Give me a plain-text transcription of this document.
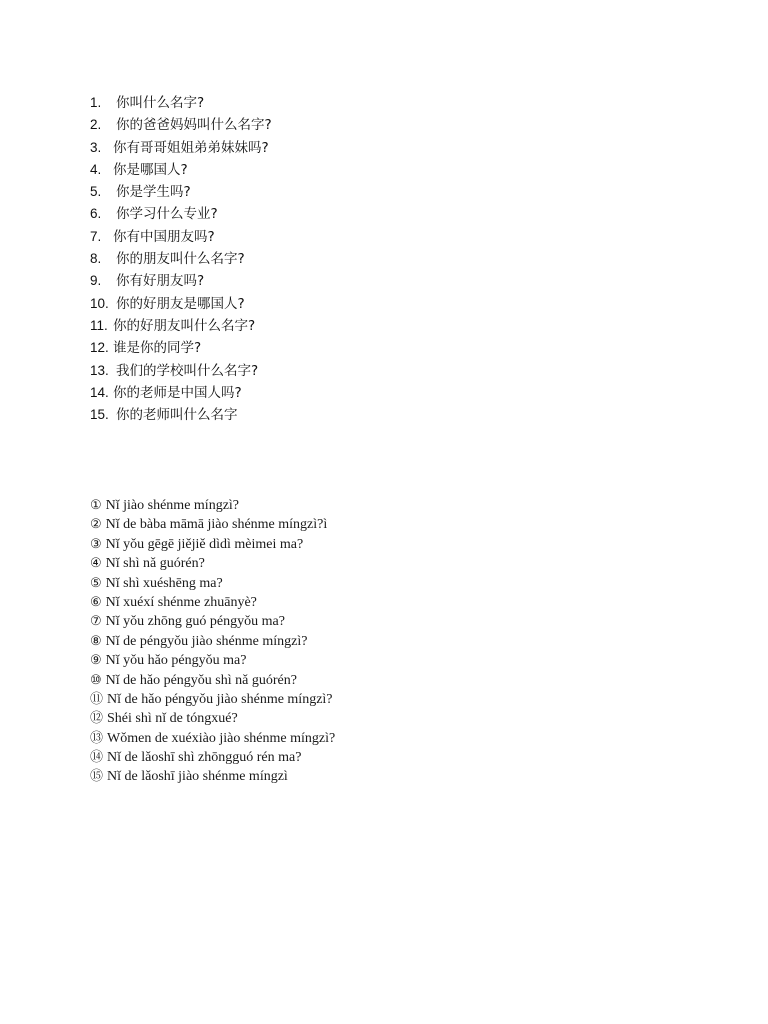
1. 你叫什么名字?
2. 你的爸爸妈妈叫什么名字?
3. 你有哥哥姐姐弟弟妹妹吗?
4. 你是哪国人?
5. 你是学生吗?
6. 你学习什么专业?
7. 你有中国朋友吗?
8. 你的朋友叫什么名字?
9. 你有好朋友吗?
10. 你的好朋友是哪国人?
11. 你的好朋友叫什么名字?
12. 谁是你的同学?
13. 我们的学校叫什么名字?
14. 你的老师是中国人吗?
15. 你的老师叫什么名字
① Nǐ jiào shénme míngzì?
② Nǐ de bàba māmā jiào shénme míngzì?ì
③ Nǐ yǒu gēgē jiějiě dìdì mèimei ma?
④ Nǐ shì nǎ guórén?
⑤ Nǐ shì xuéshēng ma?
⑥ Nǐ xuéxí shénme zhuānyè?
⑦ Nǐ yǒu zhōng guó péngyǒu ma?
⑧ Nǐ de péngyǒu jiào shénme míngzì?
⑨ Nǐ yǒu hǎo péngyǒu ma?
⑩ Nǐ de hǎo péngyǒu shì nǎ guórén?
⑪ Nǐ de hǎo péngyǒu jiào shénme míngzì?
⑫ Shéi shì nǐ de tóngxué?
⑬ Wǒmen de xuéxiào jiào shénme míngzì?
⑭ Nǐ de lǎoshī shì zhōngguó rén ma?
⑮ Nǐ de lǎoshī jiào shénme míngzì
